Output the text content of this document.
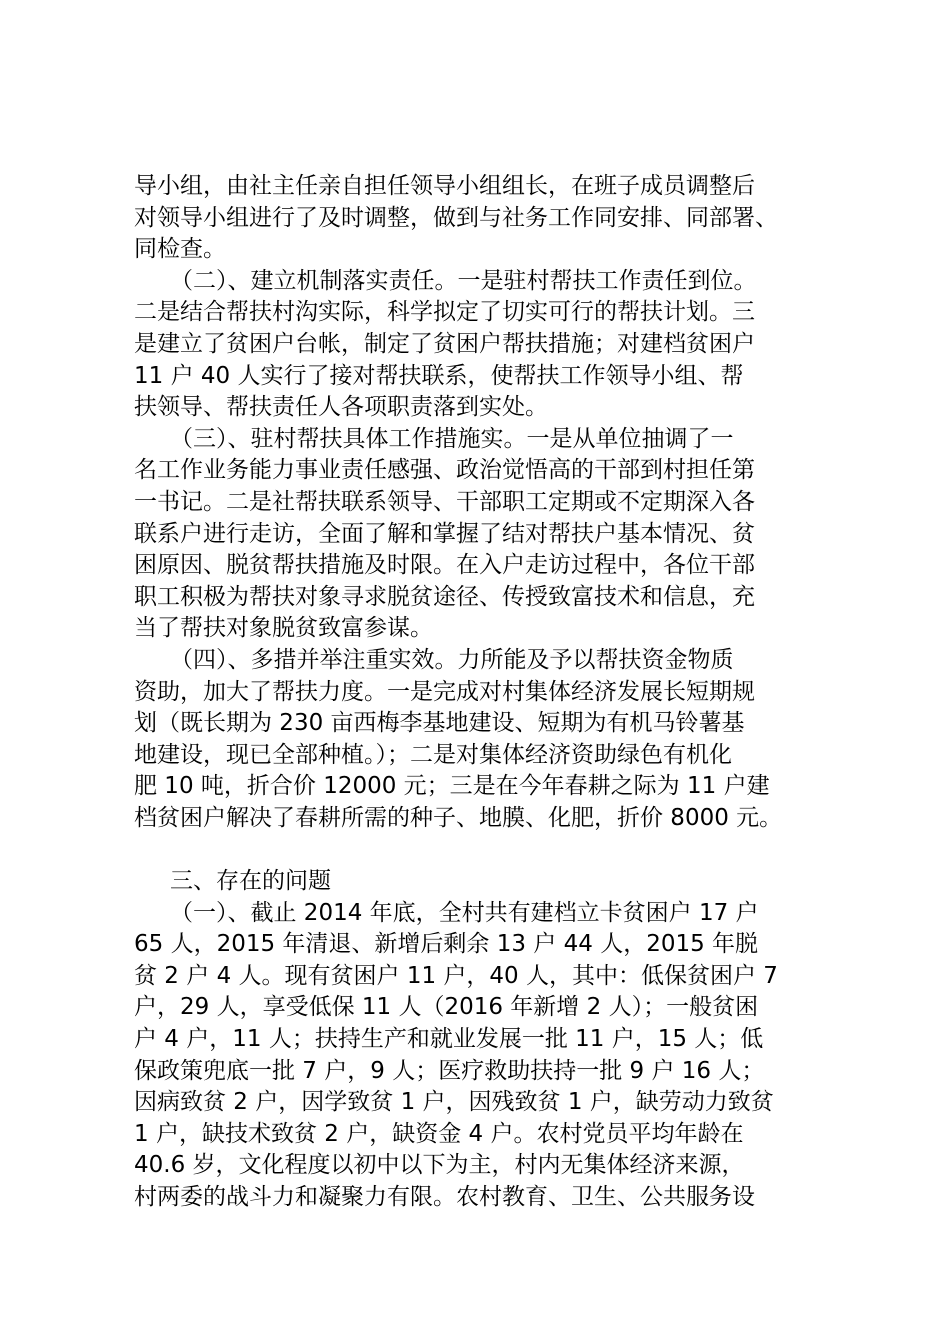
导小组，由社主任亲自担任领导小组组长，在班子成员调整后
对领导小组进行了及时调整，做到与社务工作同安排、同部署、
同检查。
（二）、建立机制落实责任。一是驻村帮扶工作责任到位。
二是结合帮扶村沟实际，科学拟定了切实可行的帮扶计划。三
是建立了贫困户台帐，制定了贫困户帮扶措施；对建档贫困户
11 户 40 人实行了接对帮扶联系，使帮扶工作领导小组、帮
扶领导、帮扶责任人各项职责落到实处。
（三）、驻村帮扶具体工作措施实。一是从单位抽调了一
名工作业务能力事业责任感强、政治觉悟高的干部到村担任第
一书记。二是社帮扶联系领导、干部职工定期或不定期深入各
联系户进行走访，全面了解和掌握了结对帮扶户基本情况、贫
困原因、脱贫帮扶措施及时限。在入户走访过程中，各位干部
职工积极为帮扶对象寻求脱贫途径、传授致富技术和信息，充
当了帮扶对象脱贫致富参谋。
（四）、多措并举注重实效。力所能及予以帮扶资金物质
资助，加大了帮扶力度。一是完成对村集体经济发展长短期规
划（既长期为 230 亩西梅李基地建设、短期为有机马铃薯基
地建设，现已全部种植。）；二是对集体经济资助绿色有机化
肥 10 吨，折合价 12000 元；三是在今年春耕之际为 11 户建
档贫困户解决了春耕所需的种子、地膜、化肥，折价 8000 元。
三、存在的问题
（一）、截止 2014 年底，全村共有建档立卡贫困户 17 户
65 人，2015 年清退、新增后剩余 13 户 44 人，2015 年脱
贫 2 户 4 人。现有贫困户 11 户，40 人，其中：低保贫困户 7
户，29 人，享受低保 11 人（2016 年新增 2 人）；一般贫困
户 4 户，11 人；扶持生产和就业发展一批 11 户，15 人；低
保政策兜底一批 7 户，9 人；医疗救助扶持一批 9 户 16 人；
因病致贫 2 户，因学致贫 1 户，因残致贫 1 户，缺劳动力致贫
1 户，缺技术致贫 2 户，缺资金 4 户。农村党员平均年龄在
40.6 岁，文化程度以初中以下为主，村内无集体经济来源，
村两委的战斗力和凝聚力有限。农村教育、卫生、公共服务设
